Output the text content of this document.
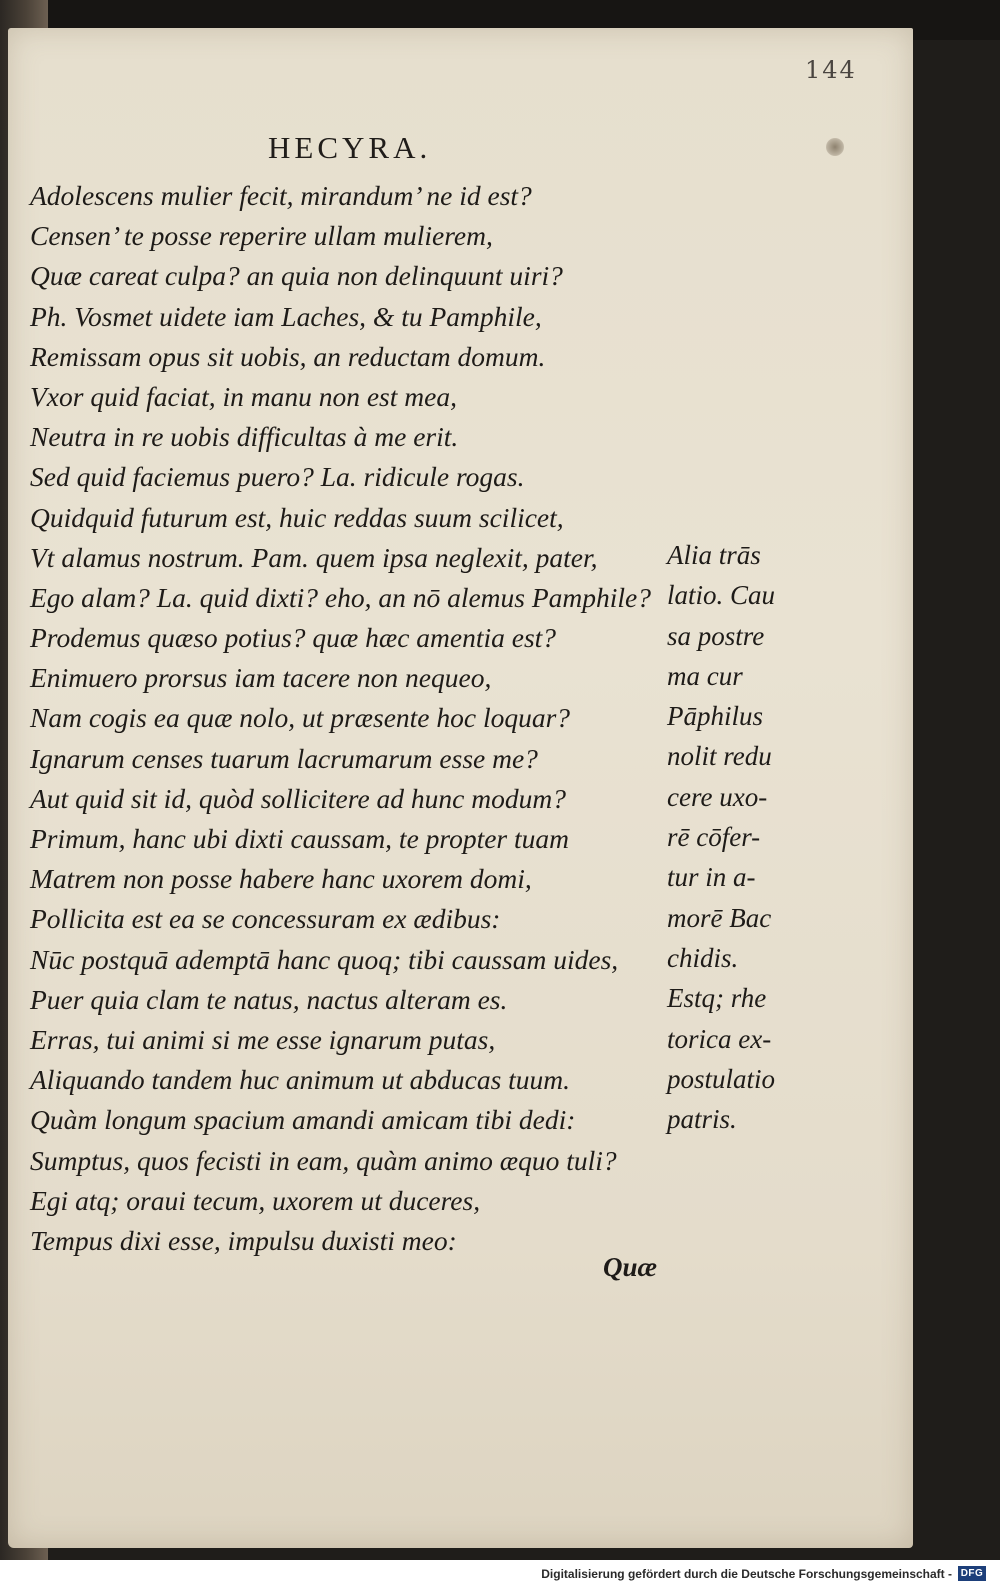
144
HECYRA.
Adolescens mulier fecit, mirandum’ ne id est?
Censen’ te posse reperire ullam mulierem,
Quæ careat culpa? an quia non delinquunt uiri?
Ph. Vosmet uidete iam Laches, & tu Pamphile,
Remissam opus sit uobis, an reductam domum.
Vxor quid faciat, in manu non est mea,
Neutra in re uobis difficultas à me erit.
Sed quid faciemus puero? La. ridicule rogas.
Quidquid futurum est, huic reddas suum scilicet,
Vt alamus nostrum. Pam. quem ipsa neglexit, pater,
Ego alam? La. quid dixti? eho, an nō alemus Pamphile?
Prodemus quæso potius? quæ hæc amentia est?
Enimuero prorsus iam tacere non nequeo,
Nam cogis ea quæ nolo, ut præsente hoc loquar?
Ignarum censes tuarum lacrumarum esse me?
Aut quid sit id, quòd sollicitere ad hunc modum?
Primum, hanc ubi dixti caussam, te propter tuam
Matrem non posse habere hanc uxorem domi,
Pollicita est ea se concessuram ex ædibus:
Nūc postquā ademptā hanc quoq; tibi caussam uides,
Puer quia clam te natus, nactus alteram es.
Erras, tui animi si me esse ignarum putas,
Aliquando tandem huc animum ut abducas tuum.
Quàm longum spacium amandi amicam tibi dedi:
Sumptus, quos fecisti in eam, quàm animo æquo tuli?
Egi atq; oraui tecum, uxorem ut duceres,
Tempus dixi esse, impulsu duxisti meo:
Alia trās
latio. Cau
sa postre
ma cur
Pāphilus
nolit redu
cere uxo-
rē cōfer-
tur in a-
morē Bac
chidis.
Estq; rhe
torica ex-
postulatio
patris.
Quæ
Digitalisierung gefördert durch die Deutsche Forschungsgemeinschaft - DFG
